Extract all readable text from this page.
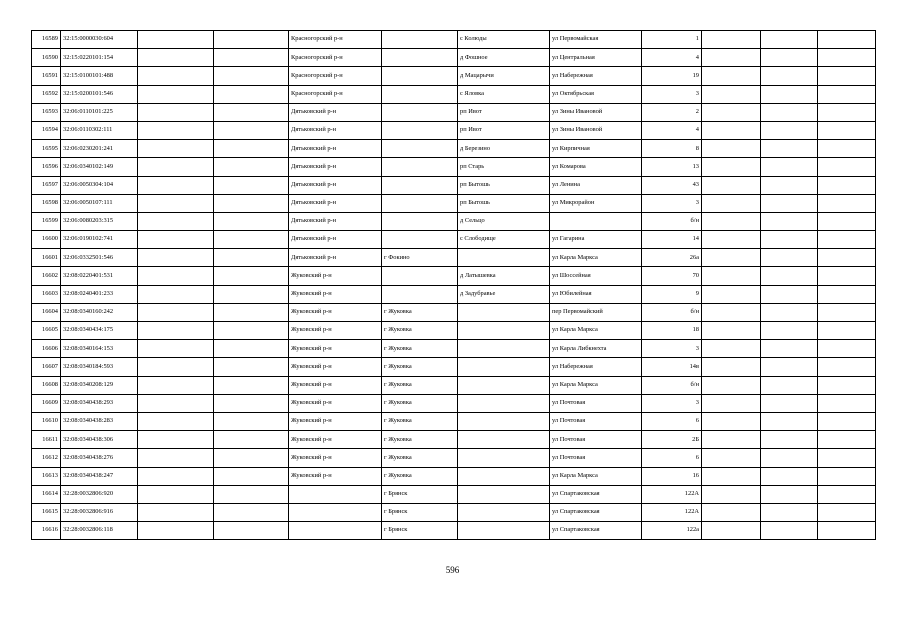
16589	32:15:0000030:604			Красногорский р-н		с Колюды	ул Первомайская	1			
16590	32:15:0220101:154			Красногорский р-н		д Фошное	ул Центральная	4			
16591	32:15:0100101:488			Красногорский р-н		д Мацарычи	ул Набережная	19			
16592	32:15:0200101:546			Красногорский р-н		с Яловка	ул Октябрьская	3			
16593	32:06:0110101:225			Дятьковский р-н		рп Ивот	ул Зины Ивановой	2			
16594	32:06:0110302:111			Дятьковский р-н		рп Ивот	ул Зины Ивановой	4			
16595	32:06:0230201:241			Дятьковский р-н		д Березино	ул Кирпичная	8			
16596	32:06:0340102:149			Дятьковский р-н		рп Старь	ул Комарова	13			
16597	32:06:0050304:104			Дятьковский р-н		рп Бытошь	ул Ленина	43			
16598	32:06:0050107:111			Дятьковский р-н		рп Бытошь	ул Микрорайон	3			
16599	32:06:0080203:315			Дятьковский р-н		д Сельцо		б/н			
16600	32:06:0190102:741			Дятьковский р-н		с Слободище	ул Гагарина	14			
16601	32:06:0332501:546			Дятьковский р-н	г Фокино		ул Карла Маркса	26а			
16602	32:08:0220401:531			Жуковский р-н		д Латышевка	ул Шоссейная	70			
16603	32:08:0240401:233			Жуковский р-н		д Задубравье	ул Юбилейная	9			
16604	32:08:0340160:242			Жуковский р-н	г Жуковка		пер Первомайский	б/н			
16605	32:08:0340434:175			Жуковский р-н	г Жуковка		ул Карла Маркса	18			
16606	32:08:0340164:153			Жуковский р-н	г Жуковка		ул Карла Либкнехта	3			
16607	32:08:0340184:593			Жуковский р-н	г Жуковка		ул Набережная	14в			
16608	32:08:0340208:129			Жуковский р-н	г Жуковка		ул Карла Маркса	б/н			
16609	32:08:0340438:293			Жуковский р-н	г Жуковка		ул Почтовая	3			
16610	32:08:0340438:283			Жуковский р-н	г Жуковка		ул Почтовая	6			
16611	32:08:0340438:306			Жуковский р-н	г Жуковка		ул Почтовая	2Б			
16612	32:08:0340438:276			Жуковский р-н	г Жуковка		ул Почтовая	6			
16613	32:08:0340438:247			Жуковский р-н	г Жуковка		ул Карла Маркса	16			
16614	32:28:0032806:920				г Брянск		ул Спартаковская	122А			
16615	32:28:0032806:916				г Брянск		ул Спартаковская	122А			
16616	32:28:0032806:118				г Брянск		ул Спартаковская	122а			
596
